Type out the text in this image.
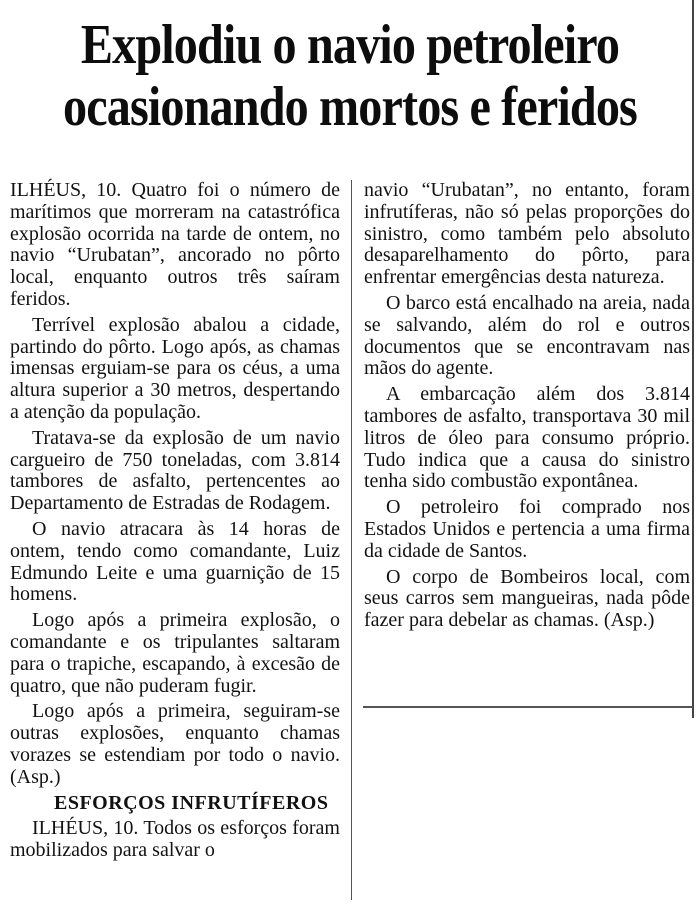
Explodiu o navio petroleiro
ocasionando mortos e feridos

ILHÉUS, 10. Quatro foi o número de marítimos que morreram na catastrófica explosão ocorrida na tarde de ontem, no navio “Urubatan”, ancorado no pôrto local, enquanto outros três saíram feridos.

Terrível explosão abalou a cidade, partindo do pôrto. Logo após, as chamas imensas erguiam-se para os céus, a uma altura superior a 30 metros, despertando a atenção da população.

Tratava-se da explosão de um navio cargueiro de 750 toneladas, com 3.814 tambores de asfalto, pertencentes ao Departamento de Estradas de Rodagem.

O navio atracara às 14 horas de ontem, tendo como comandante, Luiz Edmundo Leite e uma guarnição de 15 homens.

Logo após a primeira explosão, o comandante e os tripulantes saltaram para o trapiche, escapando, à excesão de quatro, que não puderam fugir.

Logo após a primeira, seguiram-se outras explosões, enquanto chamas vorazes se estendiam por todo o navio. (Asp.)

ESFORÇOS INFRUTÍFEROS

ILHÉUS, 10. Todos os esforços foram mobilizados para salvar o

navio “Urubatan”, no entanto, foram infrutíferas, não só pelas proporções do sinistro, como também pelo absoluto desaparelhamento do pôrto, para enfrentar emergências desta natureza.

O barco está encalhado na areia, nada se salvando, além do rol e outros documentos que se encontravam nas mãos do agente.

A embarcação além dos 3.814 tambores de asfalto, transportava 30 mil litros de óleo para consumo próprio. Tudo indica que a causa do sinistro tenha sido combustão expontânea.

O petroleiro foi comprado nos Estados Unidos e pertencia a uma firma da cidade de Santos.

O corpo de Bombeiros local, com seus carros sem mangueiras, nada pôde fazer para debelar as chamas. (Asp.)
